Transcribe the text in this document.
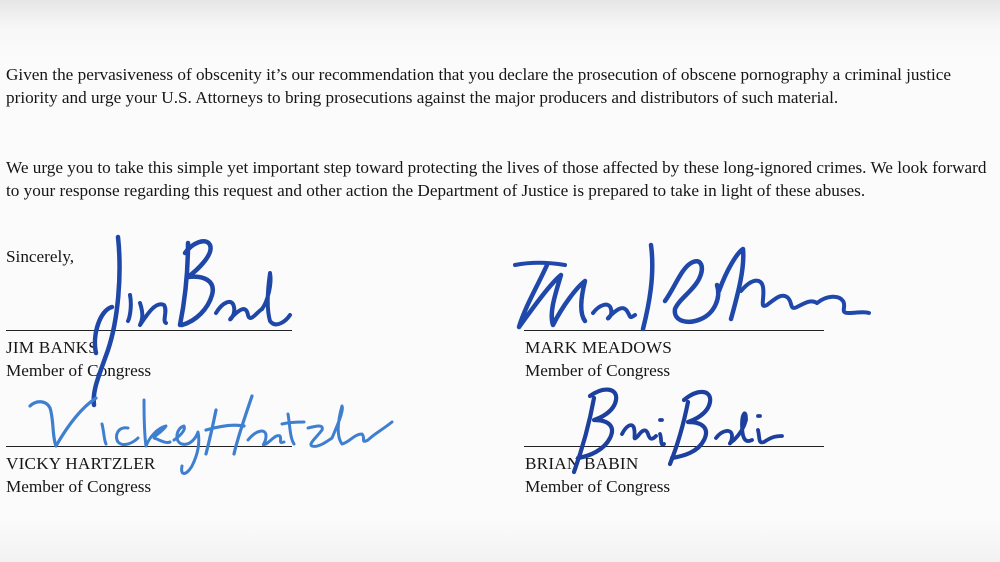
Given the pervasiveness of obscenity it’s our recommendation that you declare the prosecution of obscene pornography a criminal justice priority and urge your U.S. Attorneys to bring prosecutions against the major producers and distributors of such material.

We urge you to take this simple yet important step toward protecting the lives of those affected by these long-ignored crimes. We look forward to your response regarding this request and other action the Department of Justice is prepared to take in light of these abuses.

Sincerely,
JIM BANKS
Member of Congress
MARK MEADOWS
Member of Congress
VICKY HARTZLER
Member of Congress
BRIAN BABIN
Member of Congress
